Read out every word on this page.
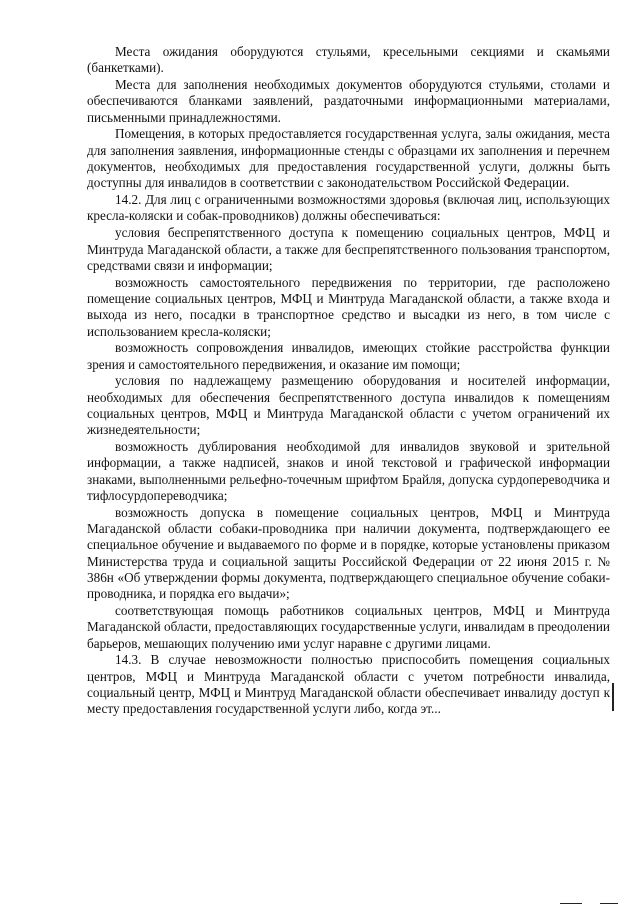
Места ожидания оборудуются стульями, кресельными секциями и скамьями (банкетками).

Места для заполнения необходимых документов оборудуются стульями, столами и обеспечиваются бланками заявлений, раздаточными информационными материалами, письменными принадлежностями.

Помещения, в которых предоставляется государственная услуга, залы ожидания, места для заполнения заявления, информационные стенды с образцами их заполнения и перечнем документов, необходимых для предоставления государственной услуги, должны быть доступны для инвалидов в соответствии с законодательством Российской Федерации.

14.2. Для лиц с ограниченными возможностями здоровья (включая лиц, использующих кресла-коляски и собак-проводников) должны обеспечиваться:

условия беспрепятственного доступа к помещению социальных центров, МФЦ и Минтруда Магаданской области, а также для беспрепятственного пользования транспортом, средствами связи и информации;

возможность самостоятельного передвижения по территории, где расположено помещение социальных центров, МФЦ и Минтруда Магаданской области, а также входа и выхода из него, посадки в транспортное средство и высадки из него, в том числе с использованием кресла-коляски;

возможность сопровождения инвалидов, имеющих стойкие расстройства функции зрения и самостоятельного передвижения, и оказание им помощи;

условия по надлежащему размещению оборудования и носителей информации, необходимых для обеспечения беспрепятственного доступа инвалидов к помещениям социальных центров, МФЦ и Минтруда Магаданской области с учетом ограничений их жизнедеятельности;

возможность дублирования необходимой для инвалидов звуковой и зрительной информации, а также надписей, знаков и иной текстовой и графической информации знаками, выполненными рельефно-точечным шрифтом Брайля, допуска сурдопереводчика и тифлосурдопереводчика;

возможность допуска в помещение социальных центров, МФЦ и Минтруда Магаданской области собаки-проводника при наличии документа, подтверждающего ее специальное обучение и выдаваемого по форме и в порядке, которые установлены приказом Министерства труда и социальной защиты Российской Федерации от 22 июня 2015 г. № 386н «Об утверждении формы документа, подтверждающего специальное обучение собаки-проводника, и порядка его выдачи»;

соответствующая помощь работников социальных центров, МФЦ и Минтруда Магаданской области, предоставляющих государственные услуги, инвалидам в преодолении барьеров, мешающих получению ими услуг наравне с другими лицами.

14.3. В случае невозможности полностью приспособить помещения социальных центров, МФЦ и Минтруда Магаданской области с учетом потребности инвалида, социальный центр, МФЦ и Минтруд Магаданской области обеспечивает инвалиду доступ к месту предоставления государственной услуги либо, когда эт...
